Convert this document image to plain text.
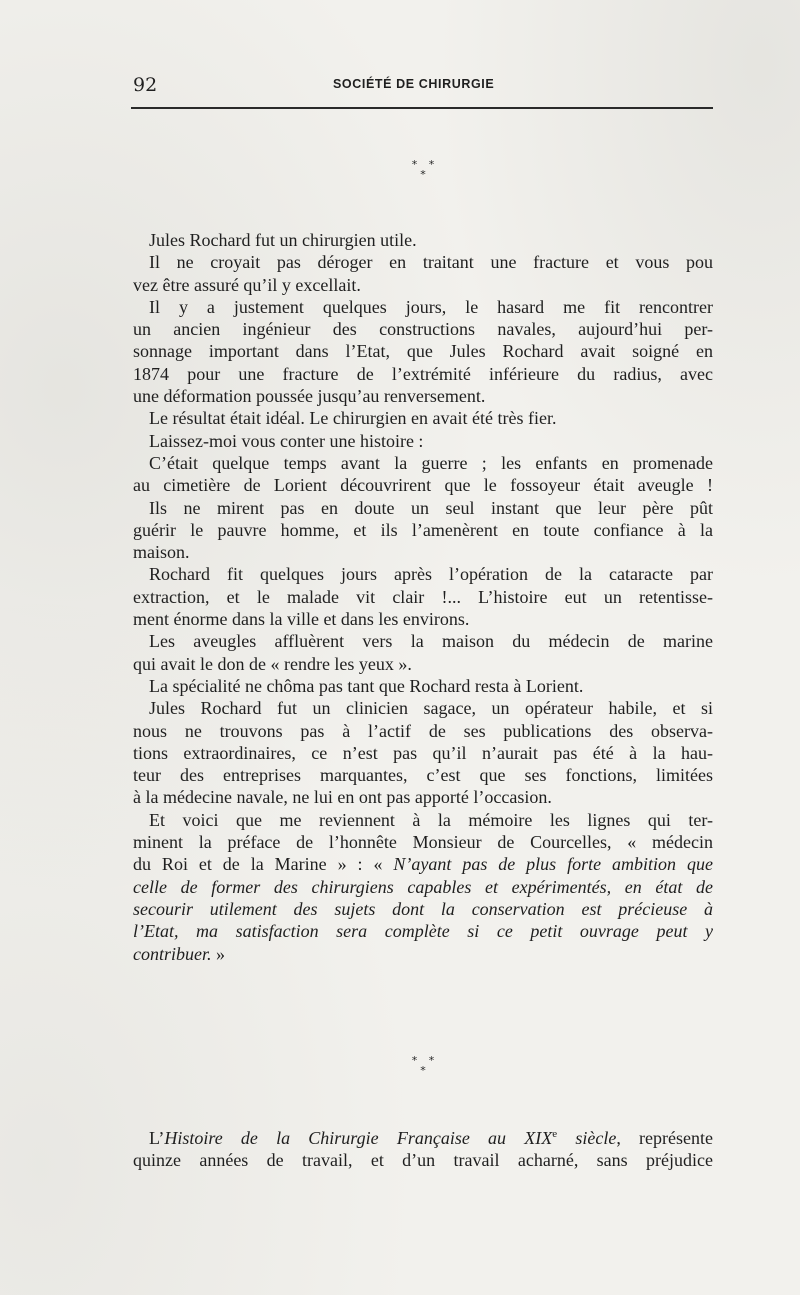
92	SOCIÉTÉ DE CHIRURGIE
* * *
Jules Rochard fut un chirurgien utile.
Il ne croyait pas déroger en traitant une fracture et vous pou
vez être assuré qu’il y excellait.
Il y a justement quelques jours, le hasard me fit rencontrer
un ancien ingénieur des constructions navales, aujourd’hui per-
sonnage important dans l’Etat, que Jules Rochard avait soigné en
1874 pour une fracture de l’extrémité inférieure du radius, avec
une déformation poussée jusqu’au renversement.
Le résultat était idéal. Le chirurgien en avait été très fier.
Laissez-moi vous conter une histoire :
C’était quelque temps avant la guerre ; les enfants en promenade
au cimetière de Lorient découvrirent que le fossoyeur était aveugle !
Ils ne mirent pas en doute un seul instant que leur père pût
guérir le pauvre homme, et ils l’amenèrent en toute confiance à la
maison.
Rochard fit quelques jours après l’opération de la cataracte par
extraction, et le malade vit clair !... L’histoire eut un retentisse-
ment énorme dans la ville et dans les environs.
Les aveugles affluèrent vers la maison du médecin de marine
qui avait le don de « rendre les yeux ».
La spécialité ne chôma pas tant que Rochard resta à Lorient.
Jules Rochard fut un clinicien sagace, un opérateur habile, et si
nous ne trouvons pas à l’actif de ses publications des observa-
tions extraordinaires, ce n’est pas qu’il n’aurait pas été à la hau-
teur des entreprises marquantes, c’est que ses fonctions, limitées
à la médecine navale, ne lui en ont pas apporté l’occasion.
Et voici que me reviennent à la mémoire les lignes qui ter-
minent la préface de l’honnête Monsieur de Courcelles, « médecin
du Roi et de la Marine » : « N’ayant pas de plus forte ambition que
celle de former des chirurgiens capables et expérimentés, en état de
secourir utilement des sujets dont la conservation est précieuse à
l’Etat, ma satisfaction sera complète si ce petit ouvrage peut y
contribuer. »
* * *
L’Histoire de la Chirurgie Française au XIXe siècle, représente
quinze années de travail, et d’un travail acharné, sans préjudice
